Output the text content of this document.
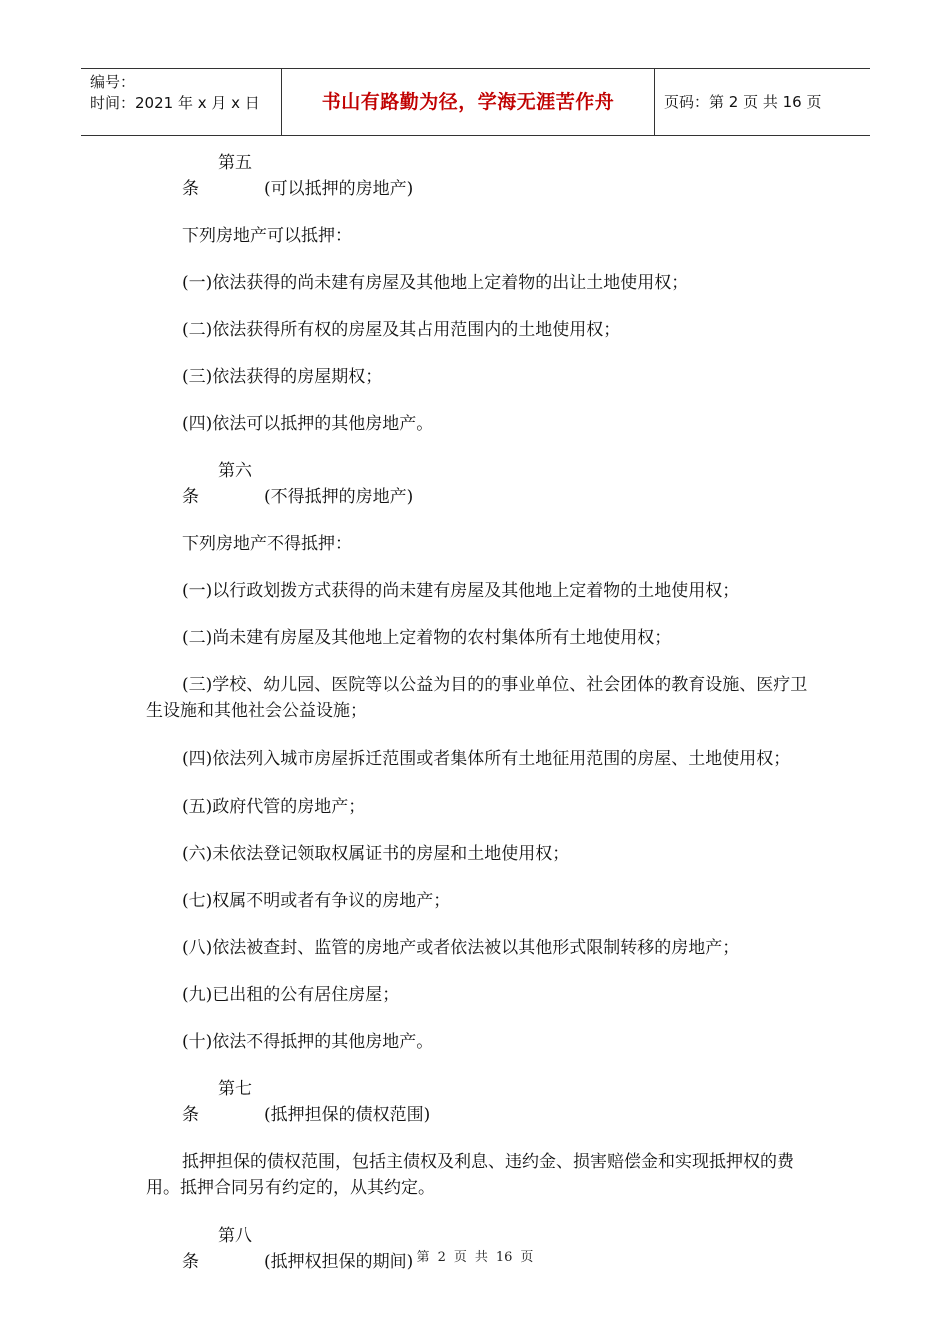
编号：
时间：2021 年 x 月 x 日	书山有路勤为径，学海无涯苦作舟	页码：第 2 页 共 16 页

第五条	(可以抵押的房地产)

下列房地产可以抵押：

(一)依法获得的尚未建有房屋及其他地上定着物的出让土地使用权；

(二)依法获得所有权的房屋及其占用范围内的土地使用权；

(三)依法获得的房屋期权；

(四)依法可以抵押的其他房地产。

第六条	(不得抵押的房地产)

下列房地产不得抵押：

(一)以行政划拨方式获得的尚未建有房屋及其他地上定着物的土地使用权；

(二)尚未建有房屋及其他地上定着物的农村集体所有土地使用权；

(三)学校、幼儿园、医院等以公益为目的的事业单位、社会团体的教育设施、医疗卫生设施和其他社会公益设施；

(四)依法列入城市房屋拆迁范围或者集体所有土地征用范围的房屋、土地使用权；

(五)政府代管的房地产；

(六)未依法登记领取权属证书的房屋和土地使用权；

(七)权属不明或者有争议的房地产；

(八)依法被查封、监管的房地产或者依法被以其他形式限制转移的房地产；

(九)已出租的公有居住房屋；

(十)依法不得抵押的其他房地产。

第七条	(抵押担保的债权范围)

抵押担保的债权范围，包括主债权及利息、违约金、损害赔偿金和实现抵押权的费用。抵押合同另有约定的，从其约定。

第八条	(抵押权担保的期间) 第 2 页 共 16 页
